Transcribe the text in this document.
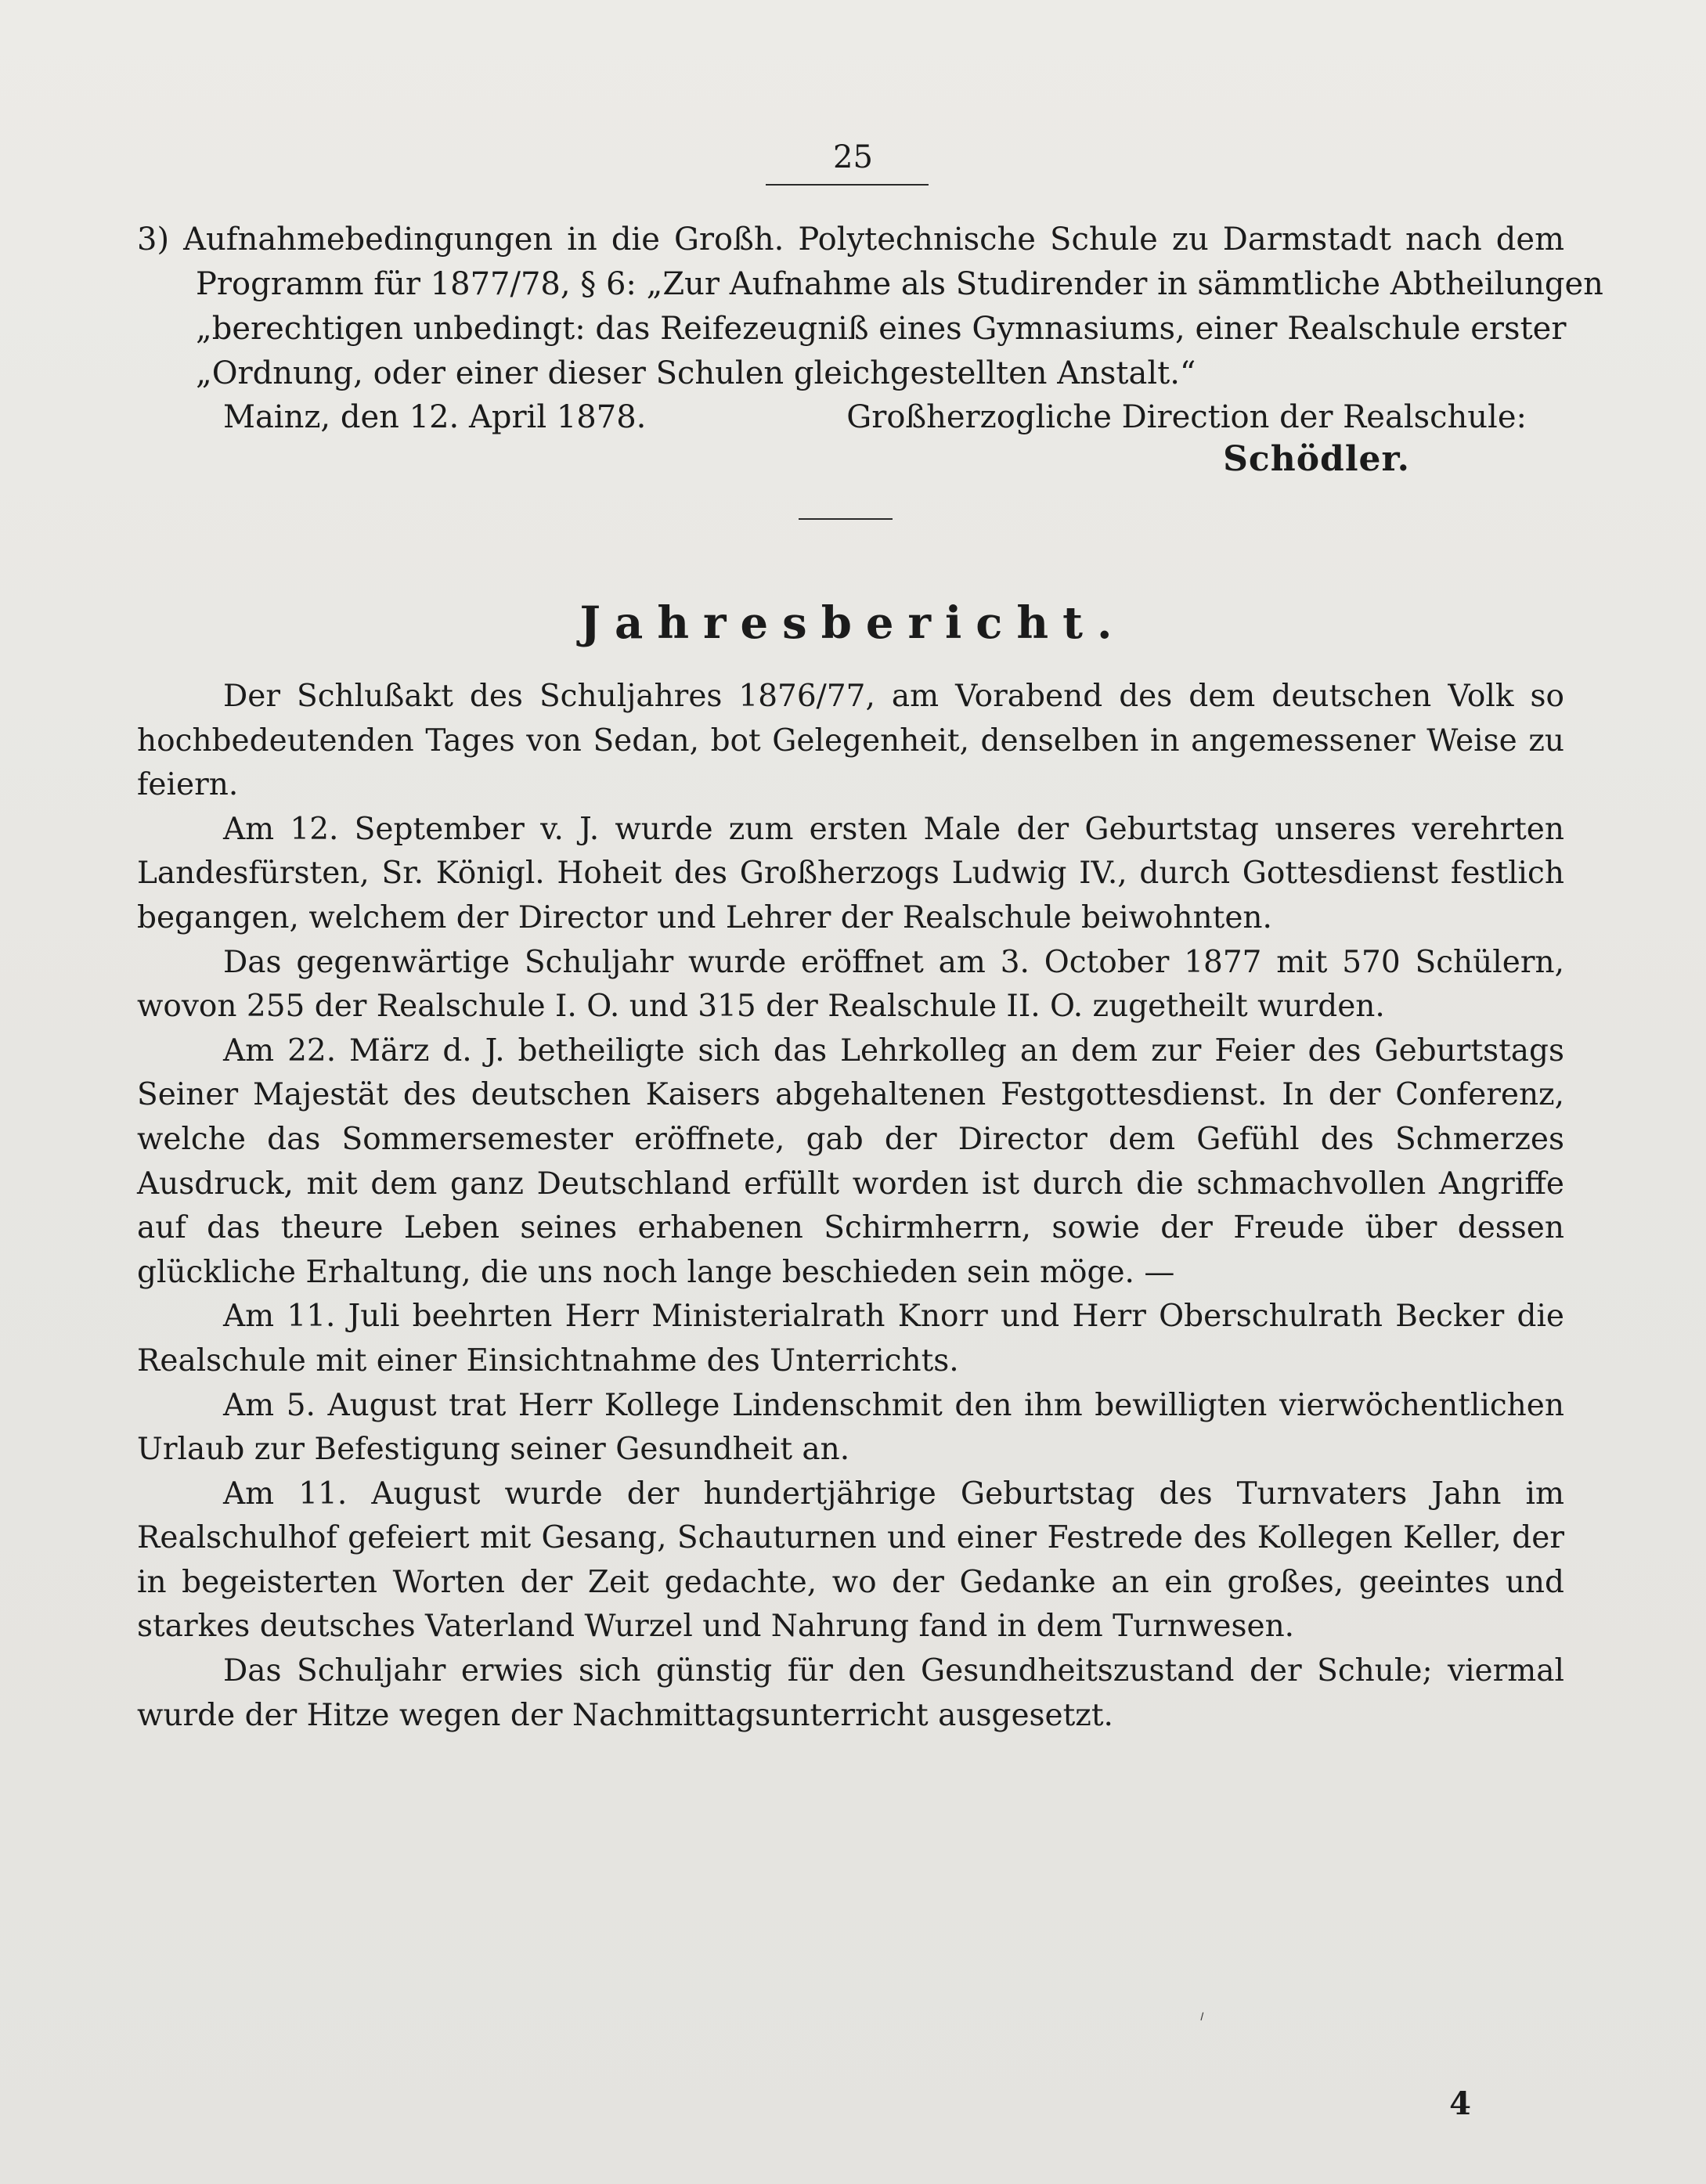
25
3) Aufnahmebedingungen in die Großh. Polytechnische Schule zu Darmstadt nach dem
Programm für 1877/78, § 6: „Zur Aufnahme als Studirender in sämmtliche Abtheilungen
„berechtigen unbedingt: das Reifezeugniß eines Gymnasiums, einer Realschule erster
„Ordnung, oder einer dieser Schulen gleichgestellten Anstalt.“
Mainz, den 12. April 1878.	Großherzogliche Direction der Realschule:
Schödler.
Jahresbericht.

Der Schlußakt des Schuljahres 1876/77, am Vorabend des dem deutschen Volk so hochbedeutenden Tages von Sedan, bot Gelegenheit, denselben in angemessener Weise zu feiern.

Am 12. September v. J. wurde zum ersten Male der Geburtstag unseres verehrten Landesfürsten, Sr. Königl. Hoheit des Großherzogs Ludwig IV., durch Gottesdienst festlich begangen, welchem der Director und Lehrer der Realschule beiwohnten.

Das gegenwärtige Schuljahr wurde eröffnet am 3. October 1877 mit 570 Schülern, wovon 255 der Realschule I. O. und 315 der Realschule II. O. zugetheilt wurden.

Am 22. März d. J. betheiligte sich das Lehrkolleg an dem zur Feier des Geburtstags Seiner Majestät des deutschen Kaisers abgehaltenen Festgottesdienst. In der Conferenz, welche das Sommersemester eröffnete, gab der Director dem Gefühl des Schmerzes Ausdruck, mit dem ganz Deutschland erfüllt worden ist durch die schmachvollen Angriffe auf das theure Leben seines erhabenen Schirmherrn, sowie der Freude über dessen glückliche Erhaltung, die uns noch lange beschieden sein möge. —

Am 11. Juli beehrten Herr Ministerialrath Knorr und Herr Oberschulrath Becker die Realschule mit einer Einsichtnahme des Unterrichts.

Am 5. August trat Herr Kollege Lindenschmit den ihm bewilligten vierwöchentlichen Urlaub zur Befestigung seiner Gesundheit an.

Am 11. August wurde der hundertjährige Geburtstag des Turnvaters Jahn im Realschulhof gefeiert mit Gesang, Schauturnen und einer Festrede des Kollegen Keller, der in begeisterten Worten der Zeit gedachte, wo der Gedanke an ein großes, geeintes und starkes deutsches Vaterland Wurzel und Nahrung fand in dem Turnwesen.

Das Schuljahr erwies sich günstig für den Gesundheitszustand der Schule; viermal wurde der Hitze wegen der Nachmittagsunterricht ausgesetzt.

⸝
4
